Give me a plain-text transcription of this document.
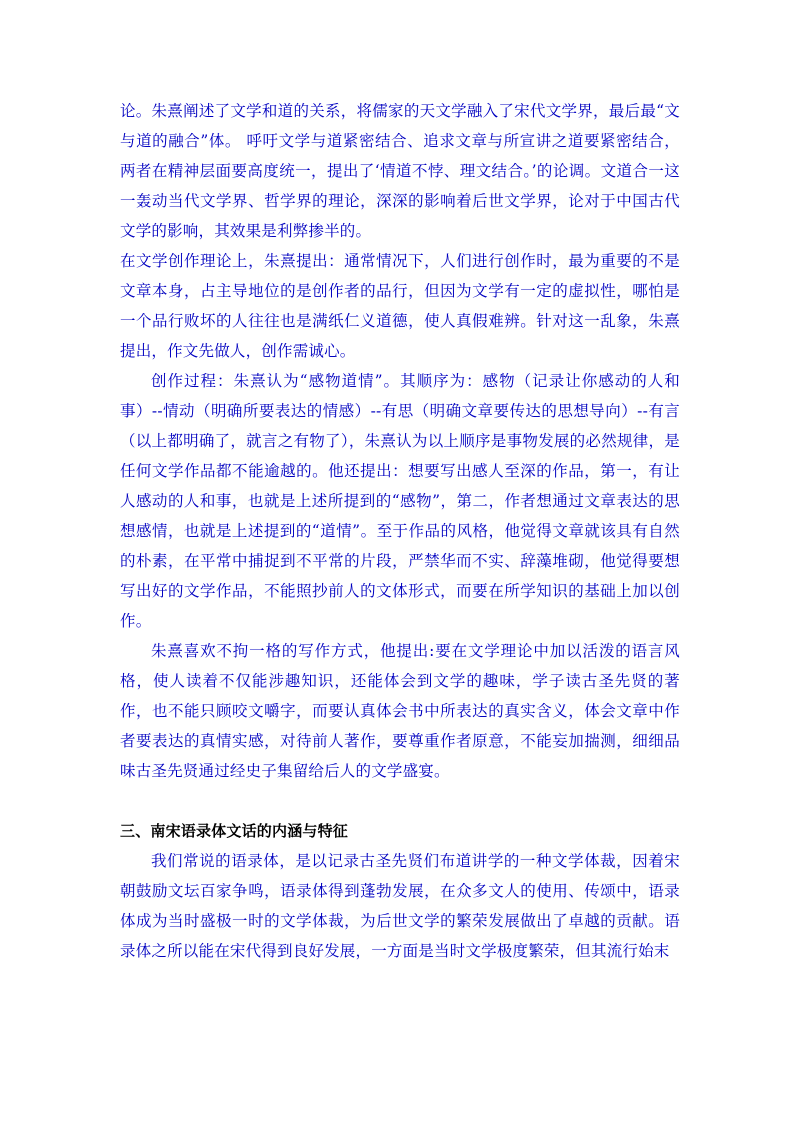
论。朱熹阐述了文学和道的关系，将儒家的天文学融入了宋代文学界，最后最“文与道的融合”体。 呼吁文学与道紧密结合、追求文章与所宣讲之道要紧密结合，两者在精神层面要高度统一，提出了‘情道不悖、理文结合。’的论调。文道合一这一轰动当代文学界、哲学界的理论，深深的影响着后世文学界，论对于中国古代文学的影响，其效果是利弊掺半的。

在文学创作理论上，朱熹提出：通常情况下，人们进行创作时，最为重要的不是文章本身，占主导地位的是创作者的品行，但因为文学有一定的虚拟性，哪怕是一个品行败坏的人往往也是满纸仁义道德，使人真假难辨。针对这一乱象，朱熹提出，作文先做人，创作需诚心。

创作过程：朱熹认为“感物道情”。其顺序为：感物（记录让你感动的人和事）--情动（明确所要表达的情感）--有思（明确文章要传达的思想导向）--有言（以上都明确了，就言之有物了），朱熹认为以上顺序是事物发展的必然规律，是任何文学作品都不能逾越的。他还提出：想要写出感人至深的作品，第一，有让人感动的人和事，也就是上述所提到的“感物”，第二，作者想通过文章表达的思想感情，也就是上述提到的“道情”。至于作品的风格，他觉得文章就该具有自然的朴素，在平常中捕捉到不平常的片段，严禁华而不实、辞藻堆砌，他觉得要想写出好的文学作品，不能照抄前人的文体形式，而要在所学知识的基础上加以创作。

朱熹喜欢不拘一格的写作方式，他提出:要在文学理论中加以活泼的语言风格，使人读着不仅能涉趣知识，还能体会到文学的趣味，学子读古圣先贤的著作，也不能只顾咬文嚼字，而要认真体会书中所表达的真实含义，体会文章中作者要表达的真情实感，对待前人著作，要尊重作者原意，不能妄加揣测，细细品味古圣先贤通过经史子集留给后人的文学盛宴。

三、南宋语录体文话的内涵与特征

我们常说的语录体，是以记录古圣先贤们布道讲学的一种文学体裁，因着宋朝鼓励文坛百家争鸣，语录体得到蓬勃发展，在众多文人的使用、传颂中，语录体成为当时盛极一时的文学体裁，为后世文学的繁荣发展做出了卓越的贡献。语录体之所以能在宋代得到良好发展，一方面是当时文学极度繁荣，但其流行始末
